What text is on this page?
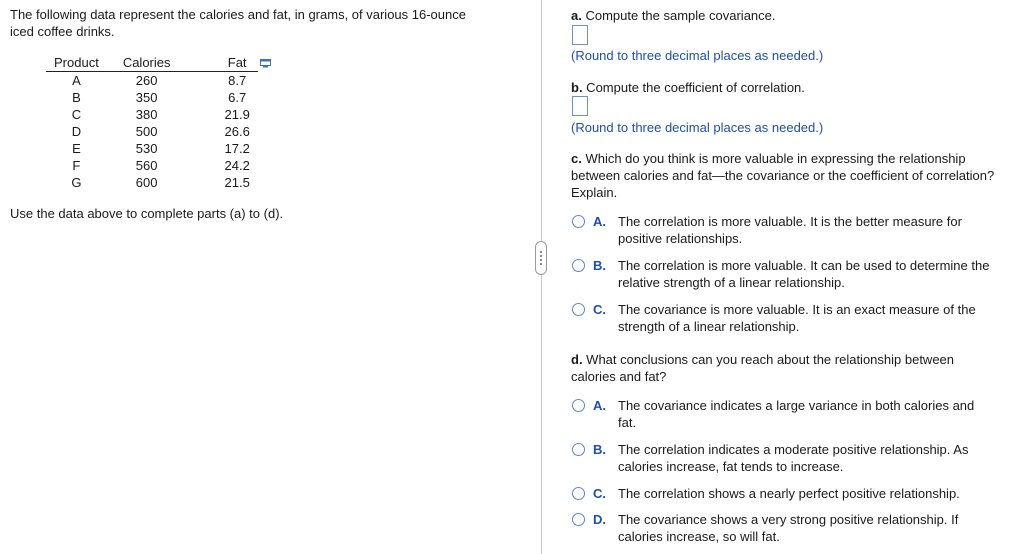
The following data represent the calories and fat, in grams, of various 16-ounce
iced coffee drinks.
Product	Calories	Fat
A	260	8.7
B	350	6.7
C	380	21.9
D	500	26.6
E	530	17.2
F	560	24.2
G	600	21.5
Use the data above to complete parts (a) to (d).
a. Compute the sample covariance.
(Round to three decimal places as needed.)
b. Compute the coefficient of correlation.
(Round to three decimal places as needed.)
c. Which do you think is more valuable in expressing the relationship
between calories and fat—the covariance or the coefficient of correlation?
Explain.
A. The correlation is more valuable. It is the better measure for
positive relationships.
B. The correlation is more valuable. It can be used to determine the
relative strength of a linear relationship.
C. The covariance is more valuable. It is an exact measure of the
strength of a linear relationship.
d. What conclusions can you reach about the relationship between
calories and fat?
A. The covariance indicates a large variance in both calories and
fat.
B. The correlation indicates a moderate positive relationship. As
calories increase, fat tends to increase.
C. The correlation shows a nearly perfect positive relationship.
D. The covariance shows a very strong positive relationship. If
calories increase, so will fat.
